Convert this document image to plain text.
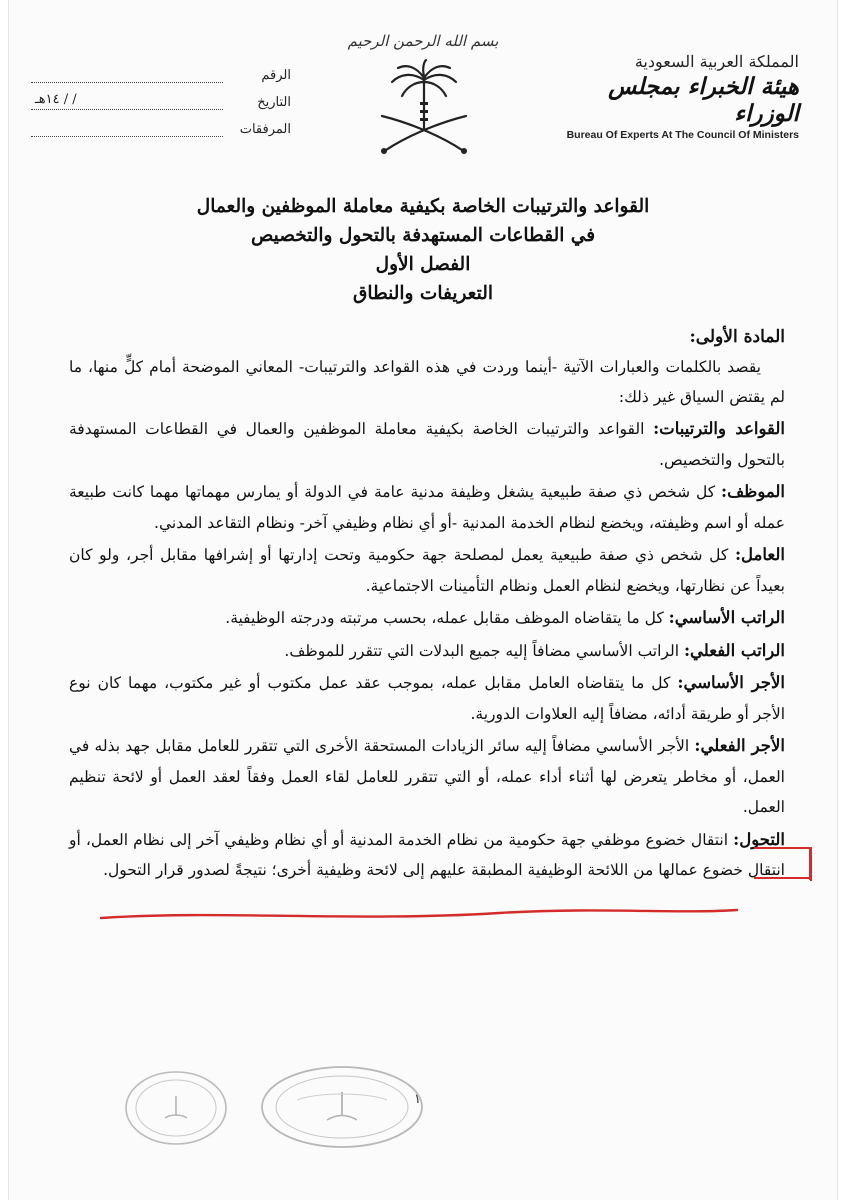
بسم الله الرحمن الرحيم
الرقم
التاريخ
/ / ١٤هـ
المرفقات
المملكة العربية السعودية
هيئة الخبراء بمجلس الوزراء
Bureau Of Experts At The Council Of Ministers
القواعد والترتيبات الخاصة بكيفية معاملة الموظفين والعمال
في القطاعات المستهدفة بالتحول والتخصيص
الفصل الأول
التعريفات والنطاق
المادة الأولى:
يقصد بالكلمات والعبارات الآتية -أينما وردت في هذه القواعد والترتيبات- المعاني الموضحة أمام كلٍّ منها، ما لم يقتض السياق غير ذلك:
القواعد والترتيبات: القواعد والترتيبات الخاصة بكيفية معاملة الموظفين والعمال في القطاعات المستهدفة بالتحول والتخصيص.
الموظف: كل شخص ذي صفة طبيعية يشغل وظيفة مدنية عامة في الدولة أو يمارس مهماتها مهما كانت طبيعة عمله أو اسم وظيفته، ويخضع لنظام الخدمة المدنية -أو أي نظام وظيفي آخر- ونظام التقاعد المدني.
العامل: كل شخص ذي صفة طبيعية يعمل لمصلحة جهة حكومية وتحت إدارتها أو إشرافها مقابل أجر، ولو كان بعيداً عن نظارتها، ويخضع لنظام العمل ونظام التأمينات الاجتماعية.
الراتب الأساسي: كل ما يتقاضاه الموظف مقابل عمله، بحسب مرتبته ودرجته الوظيفية.
الراتب الفعلي: الراتب الأساسي مضافاً إليه جميع البدلات التي تتقرر للموظف.
الأجر الأساسي: كل ما يتقاضاه العامل مقابل عمله، بموجب عقد عمل مكتوب أو غير مكتوب، مهما كان نوع الأجر أو طريقة أدائه، مضافاً إليه العلاوات الدورية.
الأجر الفعلي: الأجر الأساسي مضافاً إليه سائر الزيادات المستحقة الأخرى التي تتقرر للعامل مقابل جهد بذله في العمل، أو مخاطر يتعرض لها أثناء أداء عمله، أو التي تتقرر للعامل لقاء العمل وفقاً لعقد العمل أو لائحة تنظيم العمل.
التحول: انتقال خضوع موظفي جهة حكومية من نظام الخدمة المدنية أو أي نظام وظيفي آخر إلى نظام العمل، أو انتقال خضوع عمالها من اللائحة الوظيفية المطبقة عليهم إلى لائحة وظيفية أخرى؛ نتيجةً لصدور قرار التحول.
١
